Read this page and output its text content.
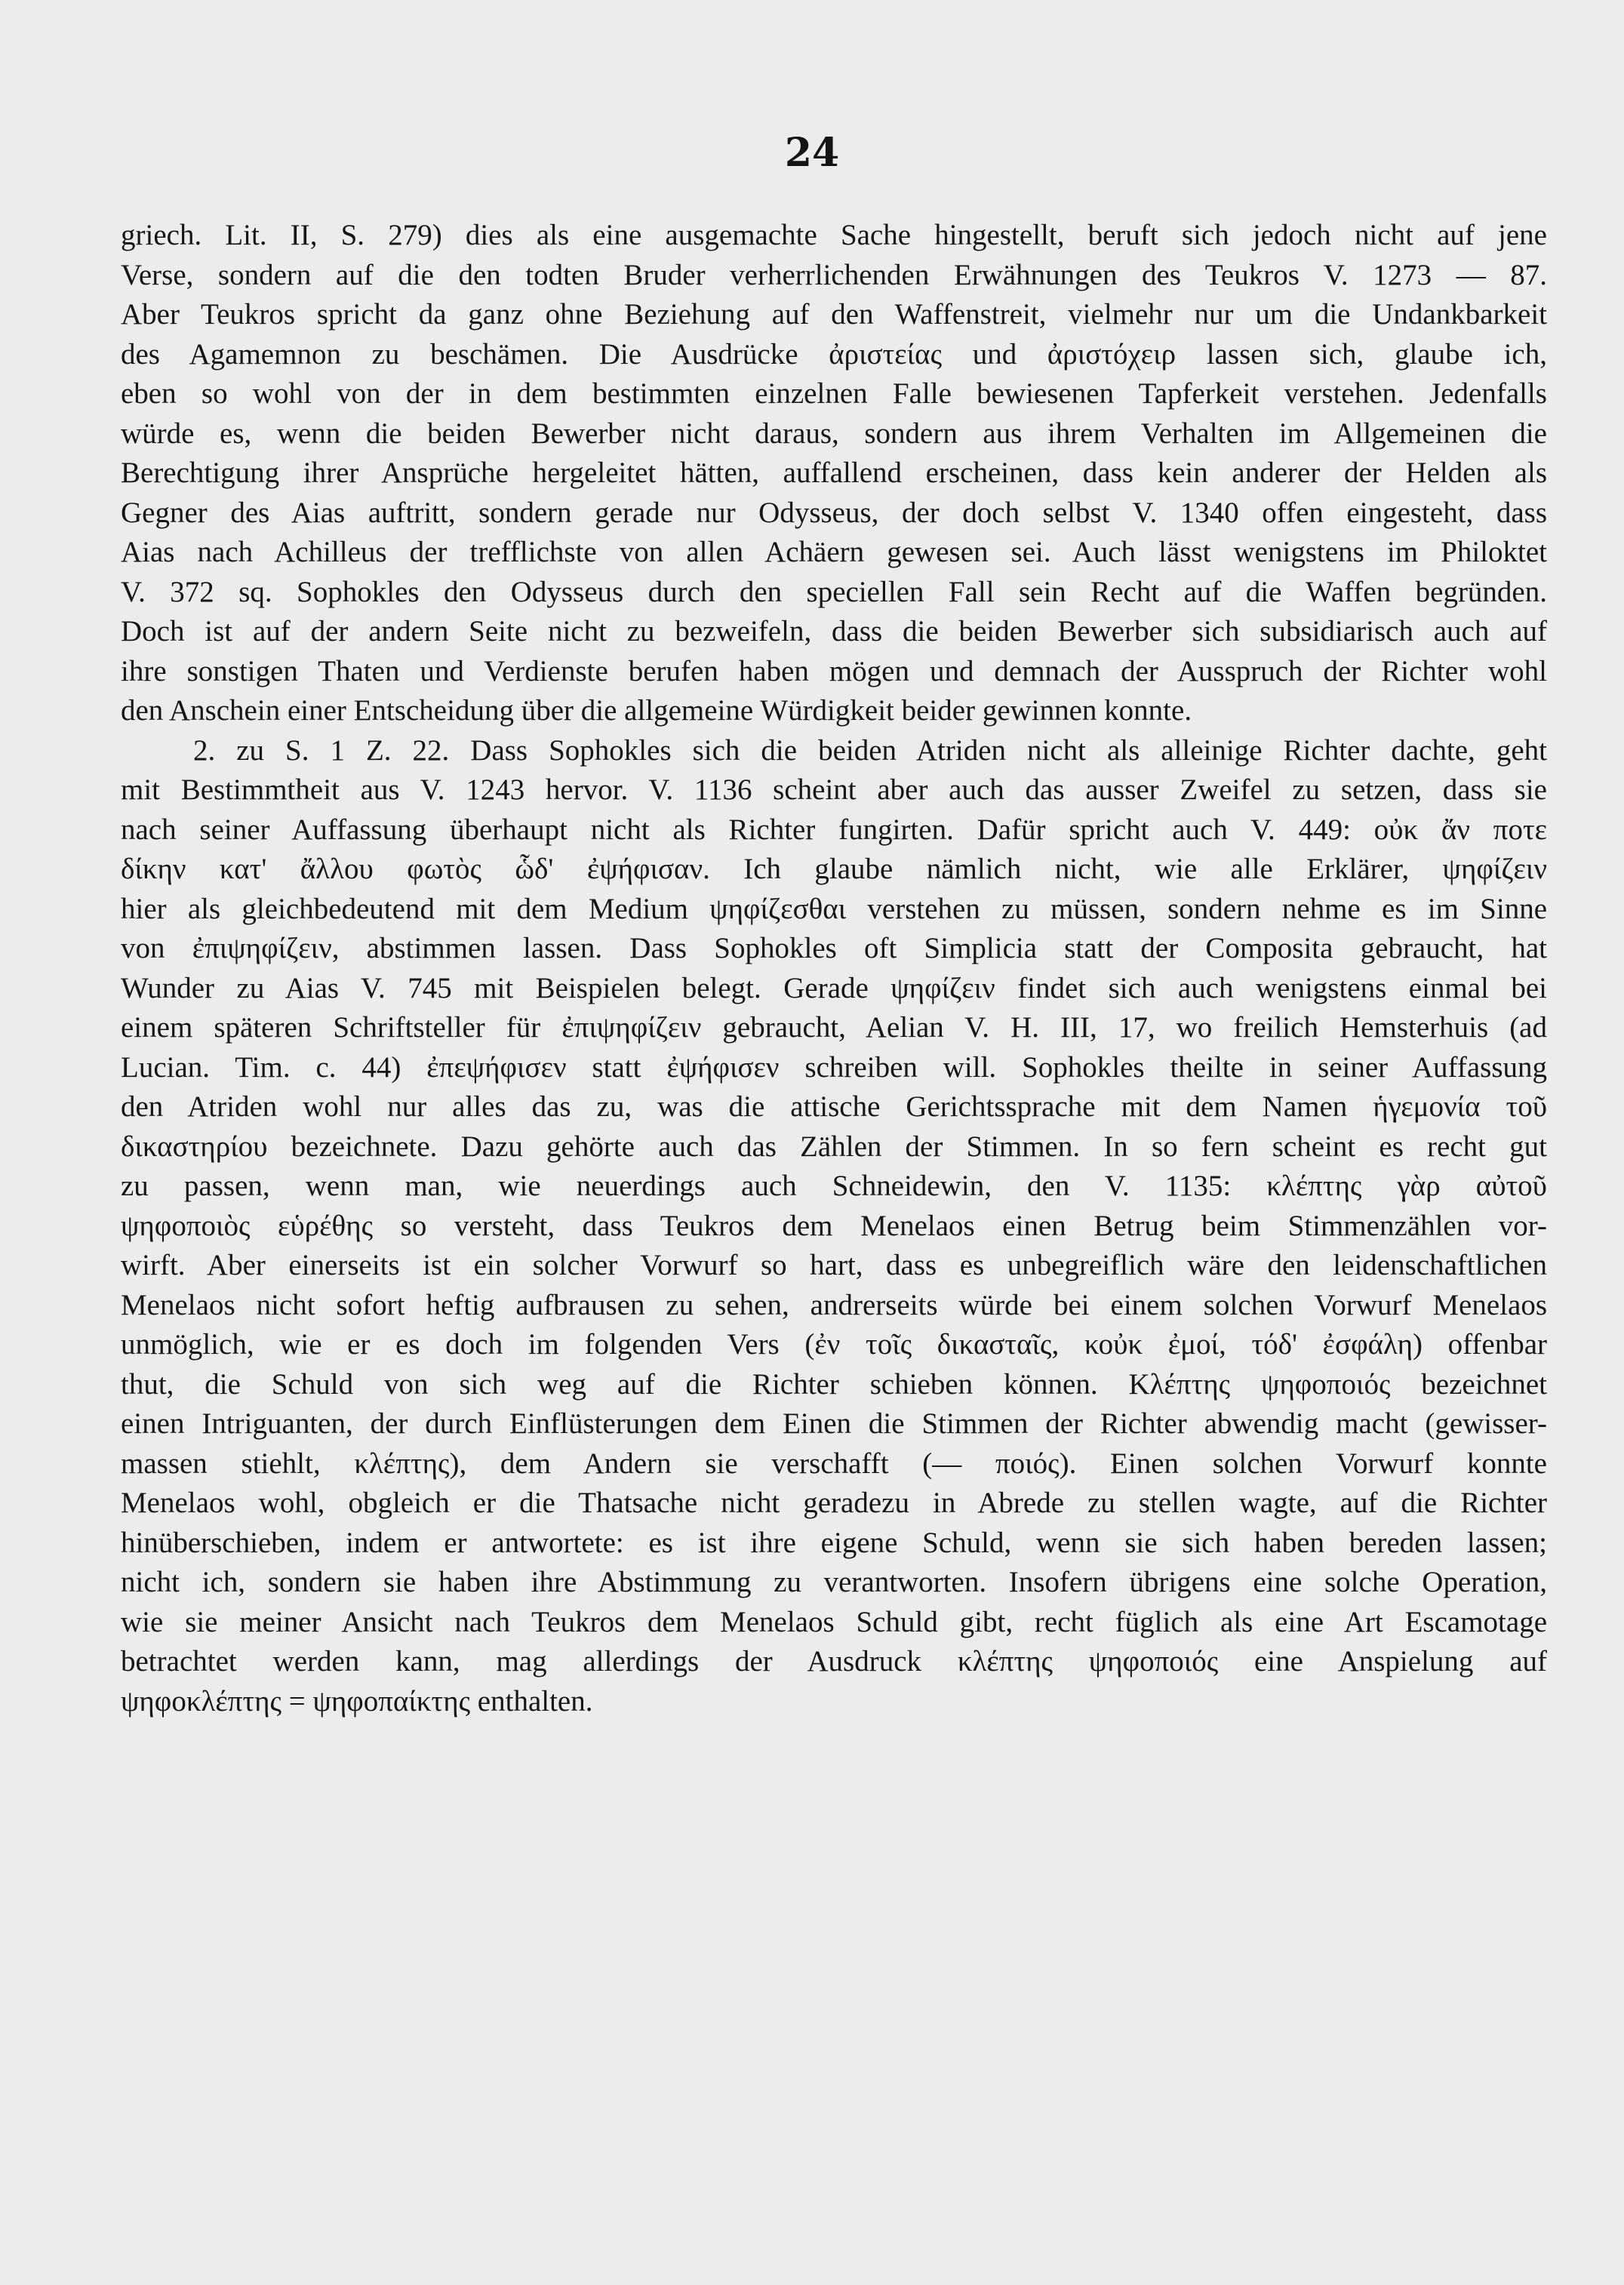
24
griech. Lit. II, S. 279) dies als eine ausgemachte Sache hingestellt, beruft sich jedoch nicht auf jene
Verse, sondern auf die den todten Bruder verherrlichenden Erwähnungen des Teukros V. 1273 — 87.
Aber Teukros spricht da ganz ohne Beziehung auf den Waffenstreit, vielmehr nur um die Undankbarkeit
des Agamemnon zu beschämen. Die Ausdrücke ἀριστείας und ἀριστόχειρ lassen sich, glaube ich,
eben so wohl von der in dem bestimmten einzelnen Falle bewiesenen Tapferkeit verstehen. Jedenfalls
würde es, wenn die beiden Bewerber nicht daraus, sondern aus ihrem Verhalten im Allgemeinen die
Berechtigung ihrer Ansprüche hergeleitet hätten, auffallend erscheinen, dass kein anderer der Helden als
Gegner des Aias auftritt, sondern gerade nur Odysseus, der doch selbst V. 1340 offen eingesteht, dass
Aias nach Achilleus der trefflichste von allen Achäern gewesen sei. Auch lässt wenigstens im Philoktet
V. 372 sq. Sophokles den Odysseus durch den speciellen Fall sein Recht auf die Waffen begründen.
Doch ist auf der andern Seite nicht zu bezweifeln, dass die beiden Bewerber sich subsidiarisch auch auf
ihre sonstigen Thaten und Verdienste berufen haben mögen und demnach der Ausspruch der Richter wohl
den Anschein einer Entscheidung über die allgemeine Würdigkeit beider gewinnen konnte.
2. zu S. 1 Z. 22. Dass Sophokles sich die beiden Atriden nicht als alleinige Richter dachte, geht
mit Bestimmtheit aus V. 1243 hervor. V. 1136 scheint aber auch das ausser Zweifel zu setzen, dass sie
nach seiner Auffassung überhaupt nicht als Richter fungirten. Dafür spricht auch V. 449: οὐκ ἄν ποτε
δίκην κατ' ἄλλου φωτὸς ὧδ' ἐψήφισαν. Ich glaube nämlich nicht, wie alle Erklärer, ψηφίζειν
hier als gleichbedeutend mit dem Medium ψηφίζεσθαι verstehen zu müssen, sondern nehme es im Sinne
von ἐπιψηφίζειν, abstimmen lassen. Dass Sophokles oft Simplicia statt der Composita gebraucht, hat
Wunder zu Aias V. 745 mit Beispielen belegt. Gerade ψηφίζειν findet sich auch wenigstens einmal bei
einem späteren Schriftsteller für ἐπιψηφίζειν gebraucht, Aelian V. H. III, 17, wo freilich Hemsterhuis (ad
Lucian. Tim. c. 44) ἐπεψήφισεν statt ἐψήφισεν schreiben will. Sophokles theilte in seiner Auffassung
den Atriden wohl nur alles das zu, was die attische Gerichtssprache mit dem Namen ἡγεμονία τοῦ
δικαστηρίου bezeichnete. Dazu gehörte auch das Zählen der Stimmen. In so fern scheint es recht gut
zu passen, wenn man, wie neuerdings auch Schneidewin, den V. 1135: κλέπτης γὰρ αὐτοῦ
ψηφοποιὸς εὑρέθης so versteht, dass Teukros dem Menelaos einen Betrug beim Stimmenzählen vor-
wirft. Aber einerseits ist ein solcher Vorwurf so hart, dass es unbegreiflich wäre den leidenschaftlichen
Menelaos nicht sofort heftig aufbrausen zu sehen, andrerseits würde bei einem solchen Vorwurf Menelaos
unmöglich, wie er es doch im folgenden Vers (ἐν τοῖς δικασταῖς, κοὐκ ἐμοί, τόδ' ἐσφάλη) offenbar
thut, die Schuld von sich weg auf die Richter schieben können. Κλέπτης ψηφοποιός bezeichnet
einen Intriguanten, der durch Einflüsterungen dem Einen die Stimmen der Richter abwendig macht (gewisser-
massen stiehlt, κλέπτης), dem Andern sie verschafft (— ποιός). Einen solchen Vorwurf konnte
Menelaos wohl, obgleich er die Thatsache nicht geradezu in Abrede zu stellen wagte, auf die Richter
hinüberschieben, indem er antwortete: es ist ihre eigene Schuld, wenn sie sich haben bereden lassen;
nicht ich, sondern sie haben ihre Abstimmung zu verantworten. Insofern übrigens eine solche Operation,
wie sie meiner Ansicht nach Teukros dem Menelaos Schuld gibt, recht füglich als eine Art Escamotage
betrachtet werden kann, mag allerdings der Ausdruck κλέπτης ψηφοποιός eine Anspielung auf
ψηφοκλέπτης = ψηφοπαίκτης enthalten.
